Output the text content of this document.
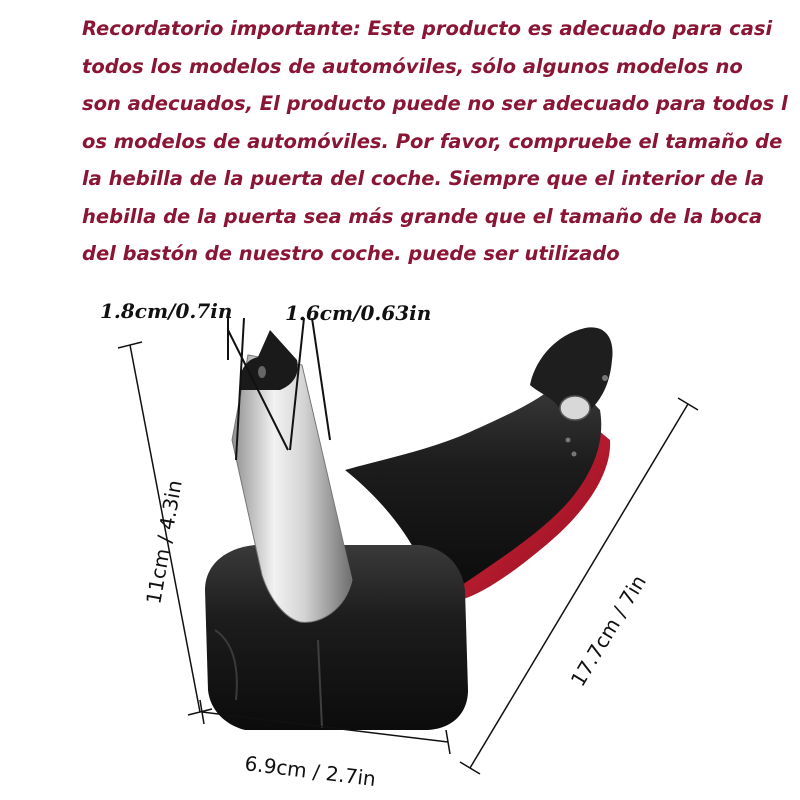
Recordatorio importante: Este producto es adecuado para casi
todos los modelos de automóviles, sólo algunos modelos no
son adecuados, El producto puede no ser adecuado para todos l
os modelos de automóviles. Por favor, compruebe el tamaño de
la hebilla de la puerta del coche. Siempre que el interior de la
hebilla de la puerta sea más grande que el tamaño de la boca
del bastón de nuestro coche. puede ser utilizado
1.8cm/0.7in	1.6cm/0.63in
11cm / 4.3in
17.7cm / 7in
6.9cm / 2.7in
